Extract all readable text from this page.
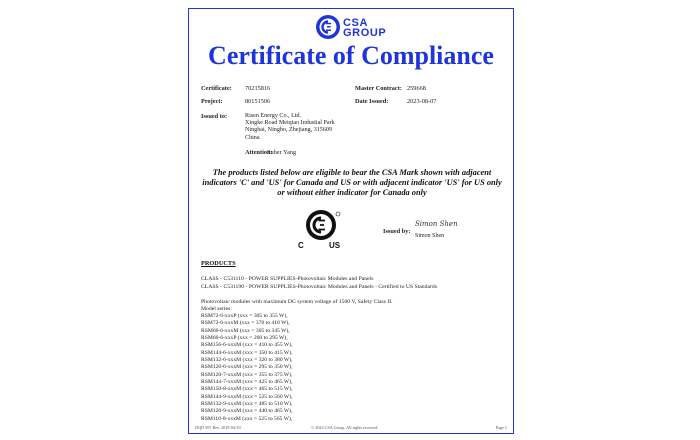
CSA
GROUP
Certificate of Compliance
Certificate: 70215816	Master Contract: 259668
Project:	80151506	Date Issued:	2023-08-07
Issued to:	Risen Energy Co., Ltd.
Xingke Road Meiqiao Industial Park
Ninghai, Ningbo, Zhejiang, 315609
China
Attention:Suber Yang
The products listed below are eligible to bear the CSA Mark shown with adjacent indicators 'C' and 'US' for Canada and US or with adjacent indicator 'US' for US only or without either indicator for Canada only
C	US
Issued by:
Simon Shen
Simon Shen
PRODUCTS
CLASS - C531110 - POWER SUPPLIES-Photovoltaic Modules and Panels
CLASS - C531190 - POWER SUPPLIES-Photovoltaic Modules and Panels - Certified to US Standards
Photovoltaic modules with maximum DC system voltage of 1500 V, Safety Class II.
Model series:
RSM72-6-xxxP (xxx = 305 to 355 W),
RSM72-6-xxxM (xxx = 370 to 410 W),
RSM60-6-xxxM (xxx = 305 to 345 W),
RSM60-6-xxxP (xxx = 260 to 295 W),
RSM156-6-xxxM (xxx = 410 to 455 W),
RSM144-6-xxxM (xxx = 350 to 415 W),
RSM132-6-xxxM (xxx = 320 to 380 W),
RSM120-6-xxxM (xxx = 295 to 350 W),
RSM120-7-xxxM (xxx = 355 to 375 W),
RSM144-7-xxxM (xxx = 425 to 465 W),
RSM150-8-xxxM (xxx = 465 to 515 W),
RSM144-9-xxxM (xxx = 525 to 560 W),
RSM132-9-xxxM (xxx = 485 to 510 W),
RSM120-9-xxxM (xxx = 440 to 465 W),
RSM110-8-xxxM (xxx = 525 to 565 W),
DQD 507 Rev. 2019-04-30	© 2023 CSA Group. All rights reserved.	Page 1
